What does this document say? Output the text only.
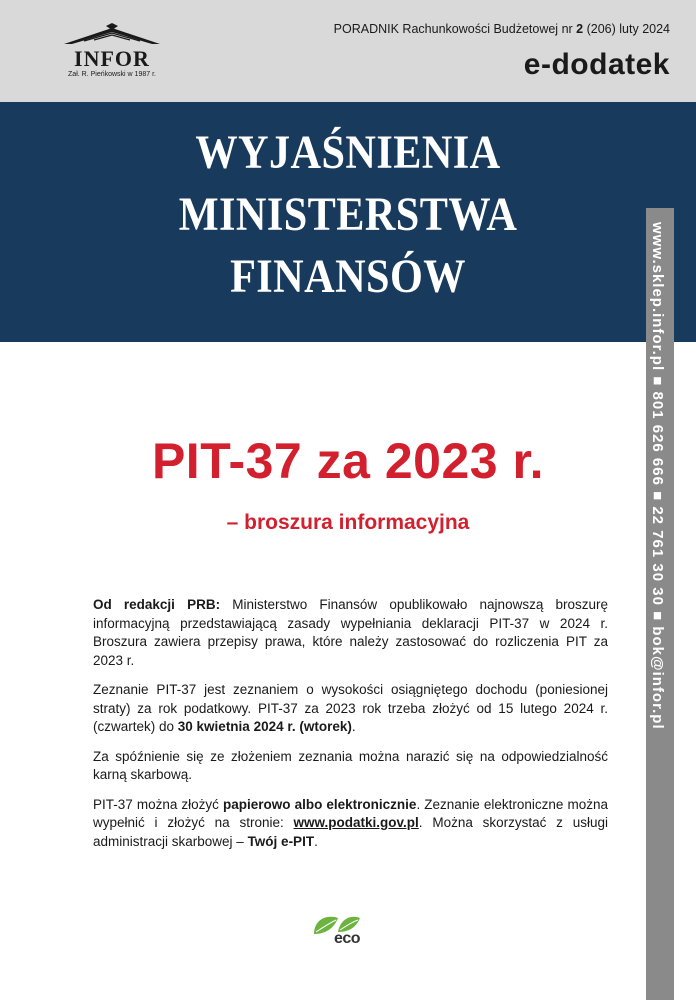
INFOR
Zał. R. Pieńkowski w 1987 r.
PORADNIK Rachunkowości Budżetowej nr 2 (206) luty 2024
e-dodatek
WYJAŚNIENIA
MINISTERSTWA
FINANSÓW	www.sklep.infor.pl ■ 801 626 666 ■ 22 761 30 30 ■ bok@infor.pl
PIT-37 za 2023 r.
– broszura informacyjna

Od redakcji PRB: Ministerstwo Finansów opublikowało najnowszą broszurę informacyjną przedstawiającą zasady wypełniania deklaracji PIT-37 w 2024 r. Broszura zawiera przepisy prawa, które należy zastosować do rozliczenia PIT za 2023 r.

Zeznanie PIT-37 jest zeznaniem o wysokości osiągniętego dochodu (poniesionej straty) za rok podatkowy. PIT-37 za 2023 rok trzeba złożyć od 15 lutego 2024 r. (czwartek) do 30 kwietnia 2024 r. (wtorek).

Za spóźnienie się ze złożeniem zeznania można narazić się na odpowiedzialność karną skarbową.

PIT-37 można złożyć papierowo albo elektronicznie. Zeznanie elektroniczne można wypełnić i złożyć na stronie: www.podatki.gov.pl. Można skorzystać z usługi administracji skarbowej – Twój e-PIT.

eco
